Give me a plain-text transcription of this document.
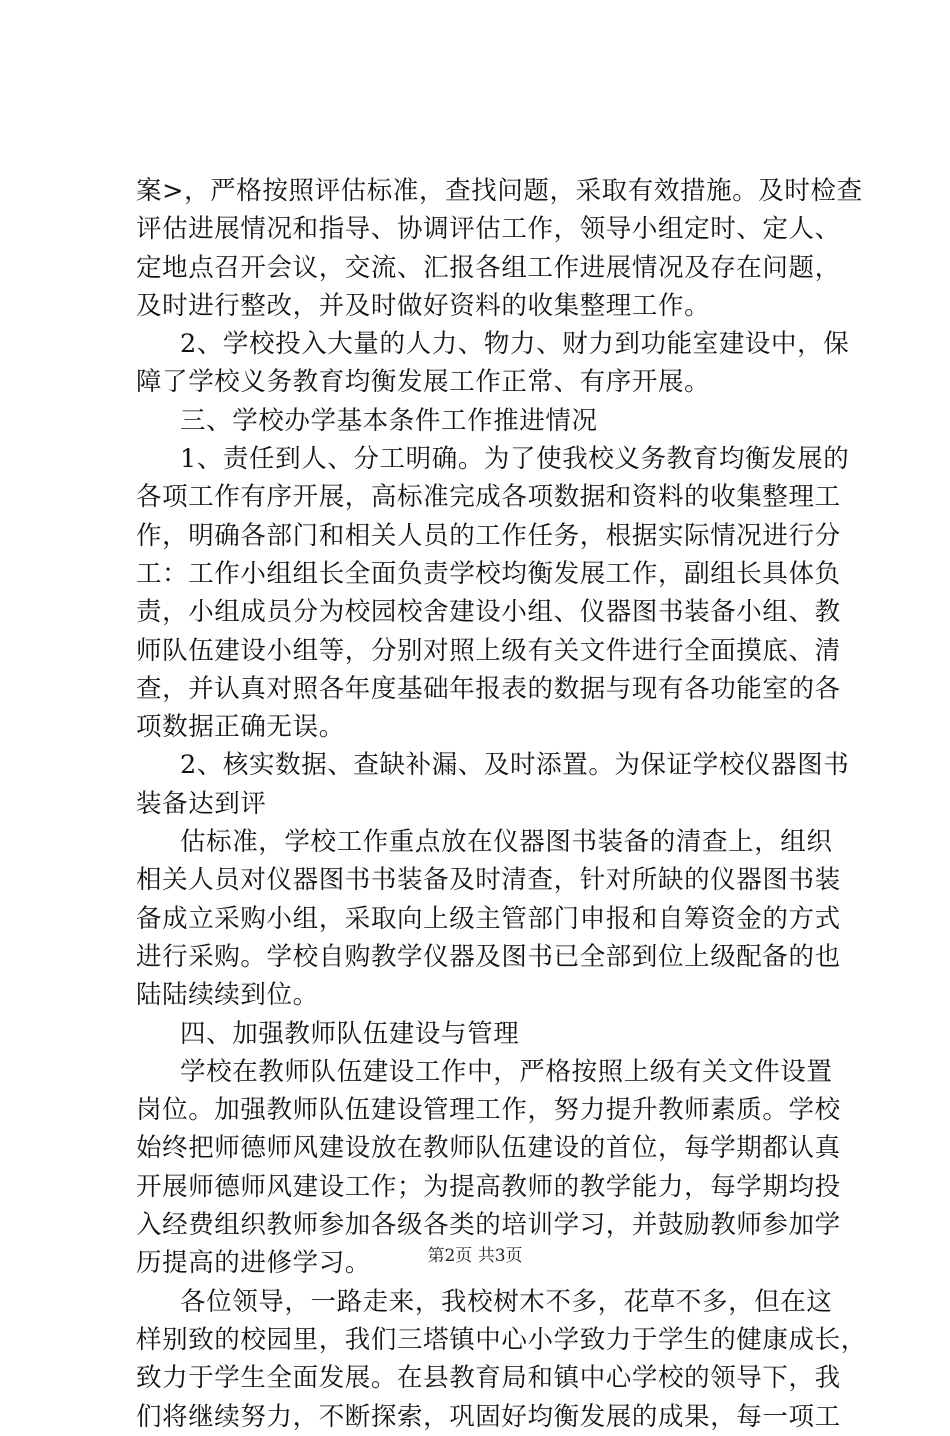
案>，严格按照评估标准，查找问题，采取有效措施。及时检查
评估进展情况和指导、协调评估工作，领导小组定时、定人、
定地点召开会议，交流、汇报各组工作进展情况及存在问题，
及时进行整改，并及时做好资料的收集整理工作。
2、学校投入大量的人力、物力、财力到功能室建设中，保
障了学校义务教育均衡发展工作正常、有序开展。
三、学校办学基本条件工作推进情况
1、责任到人、分工明确。为了使我校义务教育均衡发展的
各项工作有序开展，高标准完成各项数据和资料的收集整理工
作，明确各部门和相关人员的工作任务，根据实际情况进行分
工：工作小组组长全面负责学校均衡发展工作，副组长具体负
责，小组成员分为校园校舍建设小组、仪器图书装备小组、教
师队伍建设小组等，分别对照上级有关文件进行全面摸底、清
查，并认真对照各年度基础年报表的数据与现有各功能室的各
项数据正确无误。
2、核实数据、查缺补漏、及时添置。为保证学校仪器图书
装备达到评
估标准，学校工作重点放在仪器图书装备的清查上，组织
相关人员对仪器图书书装备及时清查，针对所缺的仪器图书装
备成立采购小组，采取向上级主管部门申报和自筹资金的方式
进行采购。学校自购教学仪器及图书已全部到位上级配备的也
陆陆续续到位。
四、加强教师队伍建设与管理
学校在教师队伍建设工作中，严格按照上级有关文件设置
岗位。加强教师队伍建设管理工作，努力提升教师素质。学校
始终把师德师风建设放在教师队伍建设的首位，每学期都认真
开展师德师风建设工作；为提高教师的教学能力，每学期均投
入经费组织教师参加各级各类的培训学习，并鼓励教师参加学
历提高的进修学习。
各位领导，一路走来，我校树木不多，花草不多，但在这
样别致的校园里，我们三塔镇中心小学致力于学生的健康成长，
致力于学生全面发展。在县教育局和镇中心学校的领导下，我
们将继续努力，不断探索，巩固好均衡发展的成果，每一项工
第2页 共3页
